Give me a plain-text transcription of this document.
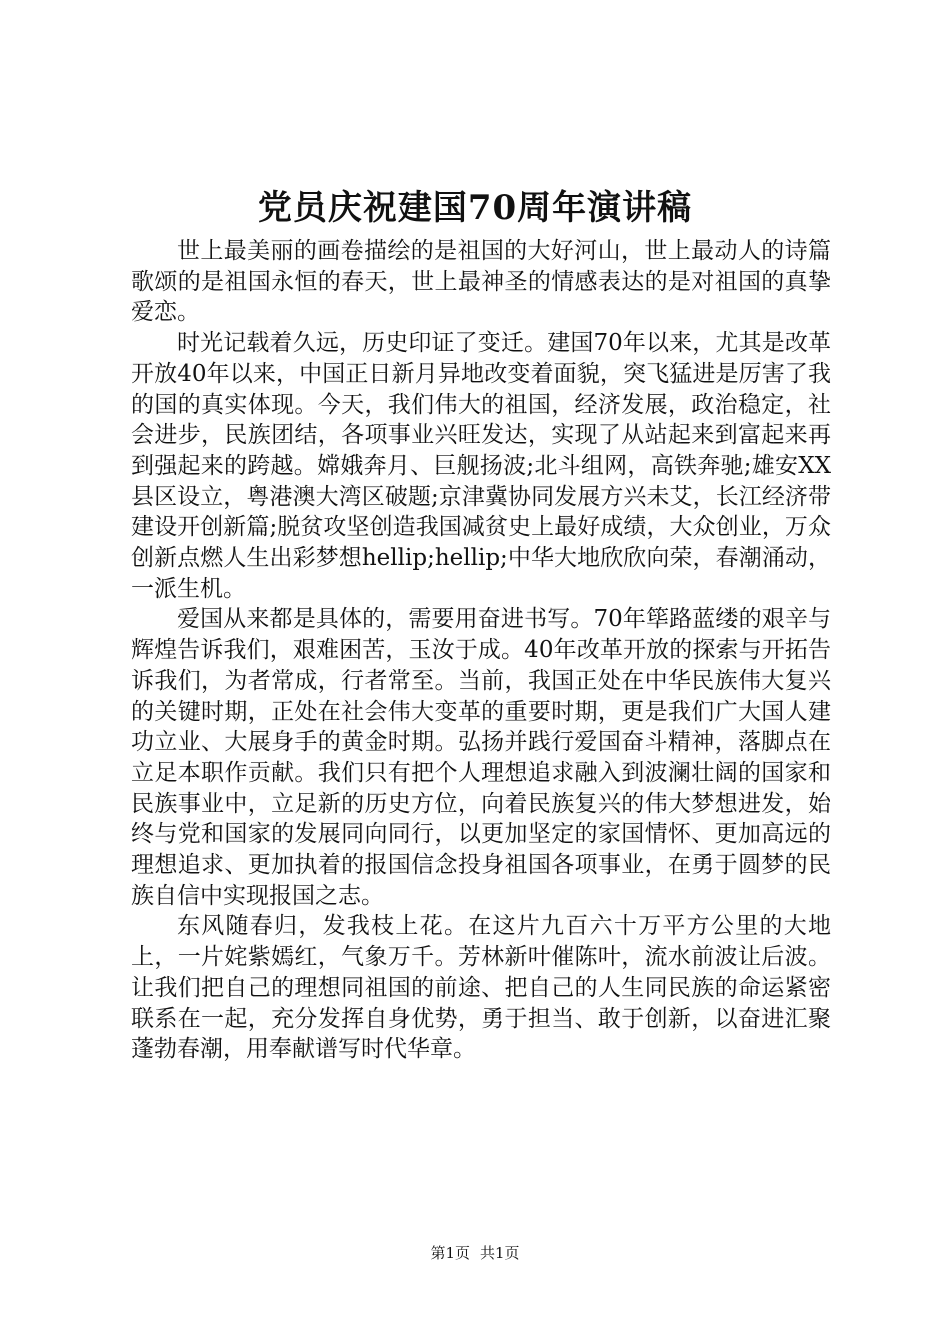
党员庆祝建国70周年演讲稿

世上最美丽的画卷描绘的是祖国的大好河山，世上最动人的诗篇歌颂的是祖国永恒的春天，世上最神圣的情感表达的是对祖国的真挚爱恋。

时光记载着久远，历史印证了变迁。建国70年以来，尤其是改革开放40年以来，中国正日新月异地改变着面貌，突飞猛进是厉害了我的国的真实体现。今天，我们伟大的祖国，经济发展，政治稳定，社会进步，民族团结，各项事业兴旺发达，实现了从站起来到富起来再到强起来的跨越。嫦娥奔月、巨舰扬波;北斗组网，高铁奔驰;雄安XX县区设立，粤港澳大湾区破题;京津冀协同发展方兴未艾，长江经济带建设开创新篇;脱贫攻坚创造我国减贫史上最好成绩，大众创业，万众创新点燃人生出彩梦想hellip;hellip;中华大地欣欣向荣，春潮涌动，一派生机。

爱国从来都是具体的，需要用奋进书写。70年筚路蓝缕的艰辛与辉煌告诉我们，艰难困苦，玉汝于成。40年改革开放的探索与开拓告诉我们，为者常成，行者常至。当前，我国正处在中华民族伟大复兴的关键时期，正处在社会伟大变革的重要时期，更是我们广大国人建功立业、大展身手的黄金时期。弘扬并践行爱国奋斗精神，落脚点在立足本职作贡献。我们只有把个人理想追求融入到波澜壮阔的国家和民族事业中，立足新的历史方位，向着民族复兴的伟大梦想进发，始终与党和国家的发展同向同行，以更加坚定的家国情怀、更加高远的理想追求、更加执着的报国信念投身祖国各项事业，在勇于圆梦的民族自信中实现报国之志。

东风随春归，发我枝上花。在这片九百六十万平方公里的大地上，一片姹紫嫣红，气象万千。芳林新叶催陈叶，流水前波让后波。让我们把自己的理想同祖国的前途、把自己的人生同民族的命运紧密联系在一起，充分发挥自身优势，勇于担当、敢于创新，以奋进汇聚蓬勃春潮，用奉献谱写时代华章。

第1页 共1页
